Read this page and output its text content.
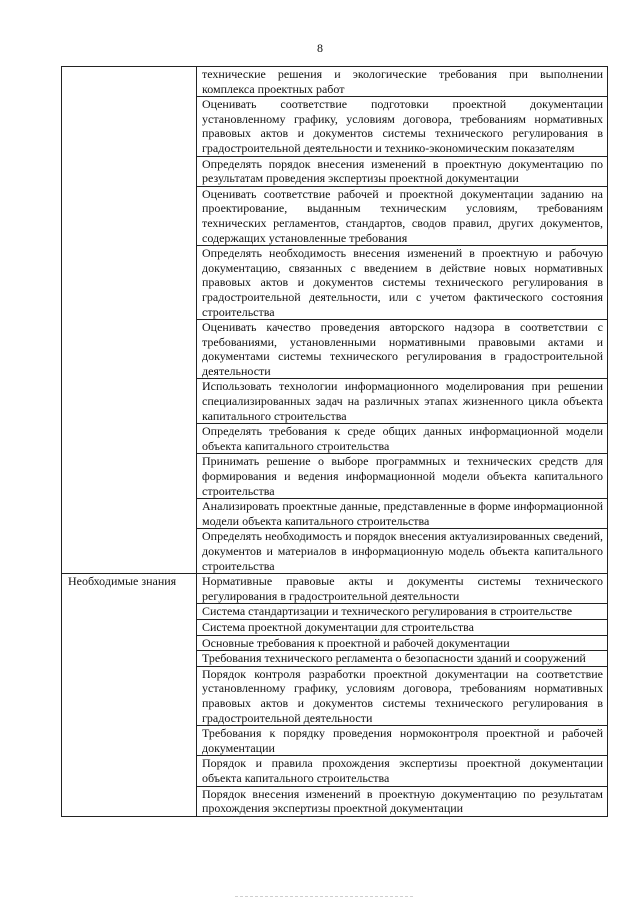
8
	технические решения и экологические требования при выполнении комплекса проектных работ
	Оценивать соответствие подготовки проектной документации установленному графику, условиям договора, требованиям нормативных правовых актов и документов системы технического регулирования в градостроительной деятельности и технико-экономическим показателям
	Определять порядок внесения изменений в проектную документацию по результатам проведения экспертизы проектной документации
	Оценивать соответствие рабочей и проектной документации заданию на проектирование, выданным техническим условиям, требованиям технических регламентов, стандартов, сводов правил, других документов, содержащих установленные требования
	Определять необходимость внесения изменений в проектную и рабочую документацию, связанных с введением в действие новых нормативных правовых актов и документов системы технического регулирования в градостроительной деятельности, или с учетом фактического состояния строительства
	Оценивать качество проведения авторского надзора в соответствии с требованиями, установленными нормативными правовыми актами и документами системы технического регулирования в градостроительной деятельности
	Использовать технологии информационного моделирования при решении специализированных задач на различных этапах жизненного цикла объекта капитального строительства
	Определять требования к среде общих данных информационной модели объекта капитального строительства
	Принимать решение о выборе программных и технических средств для формирования и ведения информационной модели объекта капитального строительства
	Анализировать проектные данные, представленные в форме информационной модели объекта капитального строительства
	Определять необходимость и порядок внесения актуализированных сведений, документов и материалов в информационную модель объекта капитального строительства
Необходимые знания	Нормативные правовые акты и документы системы технического регулирования в градостроительной деятельности
	Система стандартизации и технического регулирования в строительстве
	Система проектной документации для строительства
	Основные требования к проектной и рабочей документации
	Требования технического регламента о безопасности зданий и сооружений
	Порядок контроля разработки проектной документации на соответствие установленному графику, условиям договора, требованиям нормативных правовых актов и документов системы технического регулирования в градостроительной деятельности
	Требования к порядку проведения нормоконтроля проектной и рабочей документации
	Порядок и правила прохождения экспертизы проектной документации объекта капитального строительства
	Порядок внесения изменений в проектную документацию по результатам прохождения экспертизы проектной документации
